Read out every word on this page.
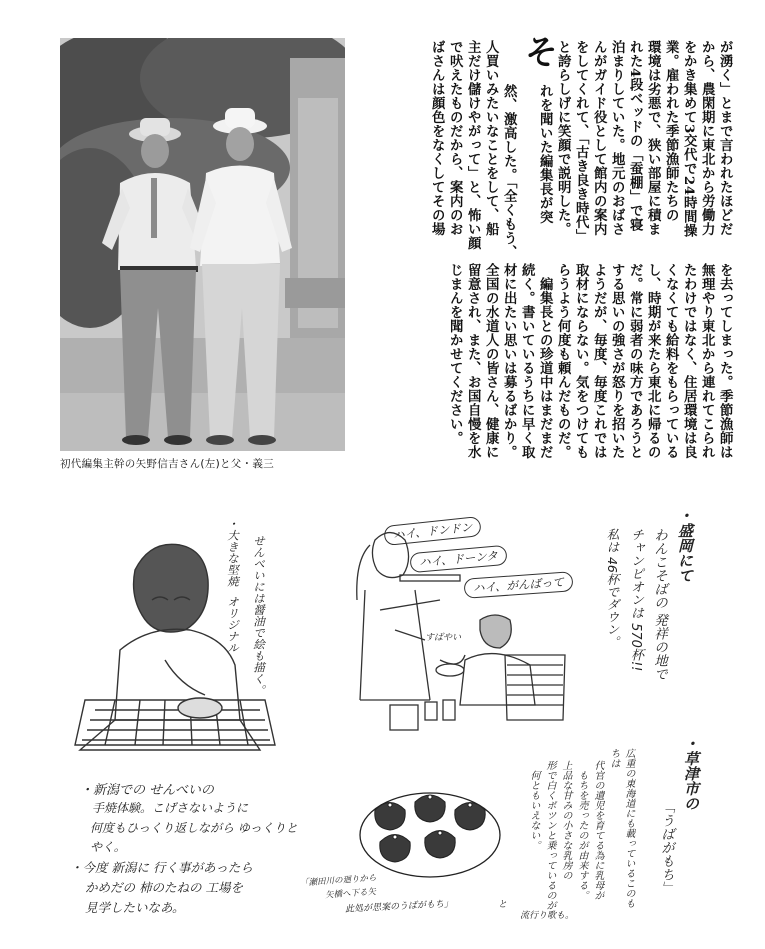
初代編集主幹の矢野信吉さん(左)と父・義三
が湧く」とまで言われたほどだ
から、農閑期に東北から労働力
をかき集めて3交代で24時間操
業。雇われた季節漁師たちの
環境は劣悪で、狭い部屋に積ま
れた4段ベッドの「蚕棚」で寝
泊まりしていた。地元のおばさ
んがガイド役として館内の案内
をしてくれて、「古き良き時代」
と誇らしげに笑顔で説明した。
そ
れを聞いた編集長が突
然、激高した。「全くもう、
人買いみたいなことをして、船
主だけ儲けやがって」と、怖い顔
で吠えたものだから、案内のお
ばさんは顔色をなくしてその場
を去ってしまった。季節漁師は
無理やり東北から連れてこられ
たわけではなく、住居環境は良
くなくても給料をもらっている
し、時期が来たら東北に帰るの
だ。常に弱者の味方であろうと
する思いの強さが怒りを招いた
ようだが、毎度、毎度これでは
取材にならない。気をつけても
らうよう何度も頼んだものだ。
　編集長との珍道中はまだまだ
続く。書いているうちに早く取
材に出たい思いは募るばかり。
全国の水道人の皆さん、健康に
留意され、また、お国自慢を水
じまんを聞かせてください。
ハイ、ドンドン
ハイ、ドーンタ
ハイ、がんばって
すばやい
・大きな堅焼
オリジナル せんべいには醤油で絵も描く。
・新潟での せんべいの
手焼体験。こげさないように
何度もひっくり返しながら ゆっくりと
やく。
・今度 新潟に 行く事があったら
かめだの 柿のたねの 工場を
見学したいなあ。
・盛岡にて
わんこそばの 発祥の地で
チャンピオンは 570杯!!
私は 46杯でダウン。
・草津市の
「うばがもち」
広重の東海道にも載っているこのもちは
代官の遺児を育てる為に乳母が
もちを売ったのが由来する。
上品な甘みの小さな乳房の
形で白くポツンと乗っているのが
何ともいえない。
「瀬田川の廻りから
矢橋へ下る矢
此処が思案のうばがもち」	と
流行り歌も。
